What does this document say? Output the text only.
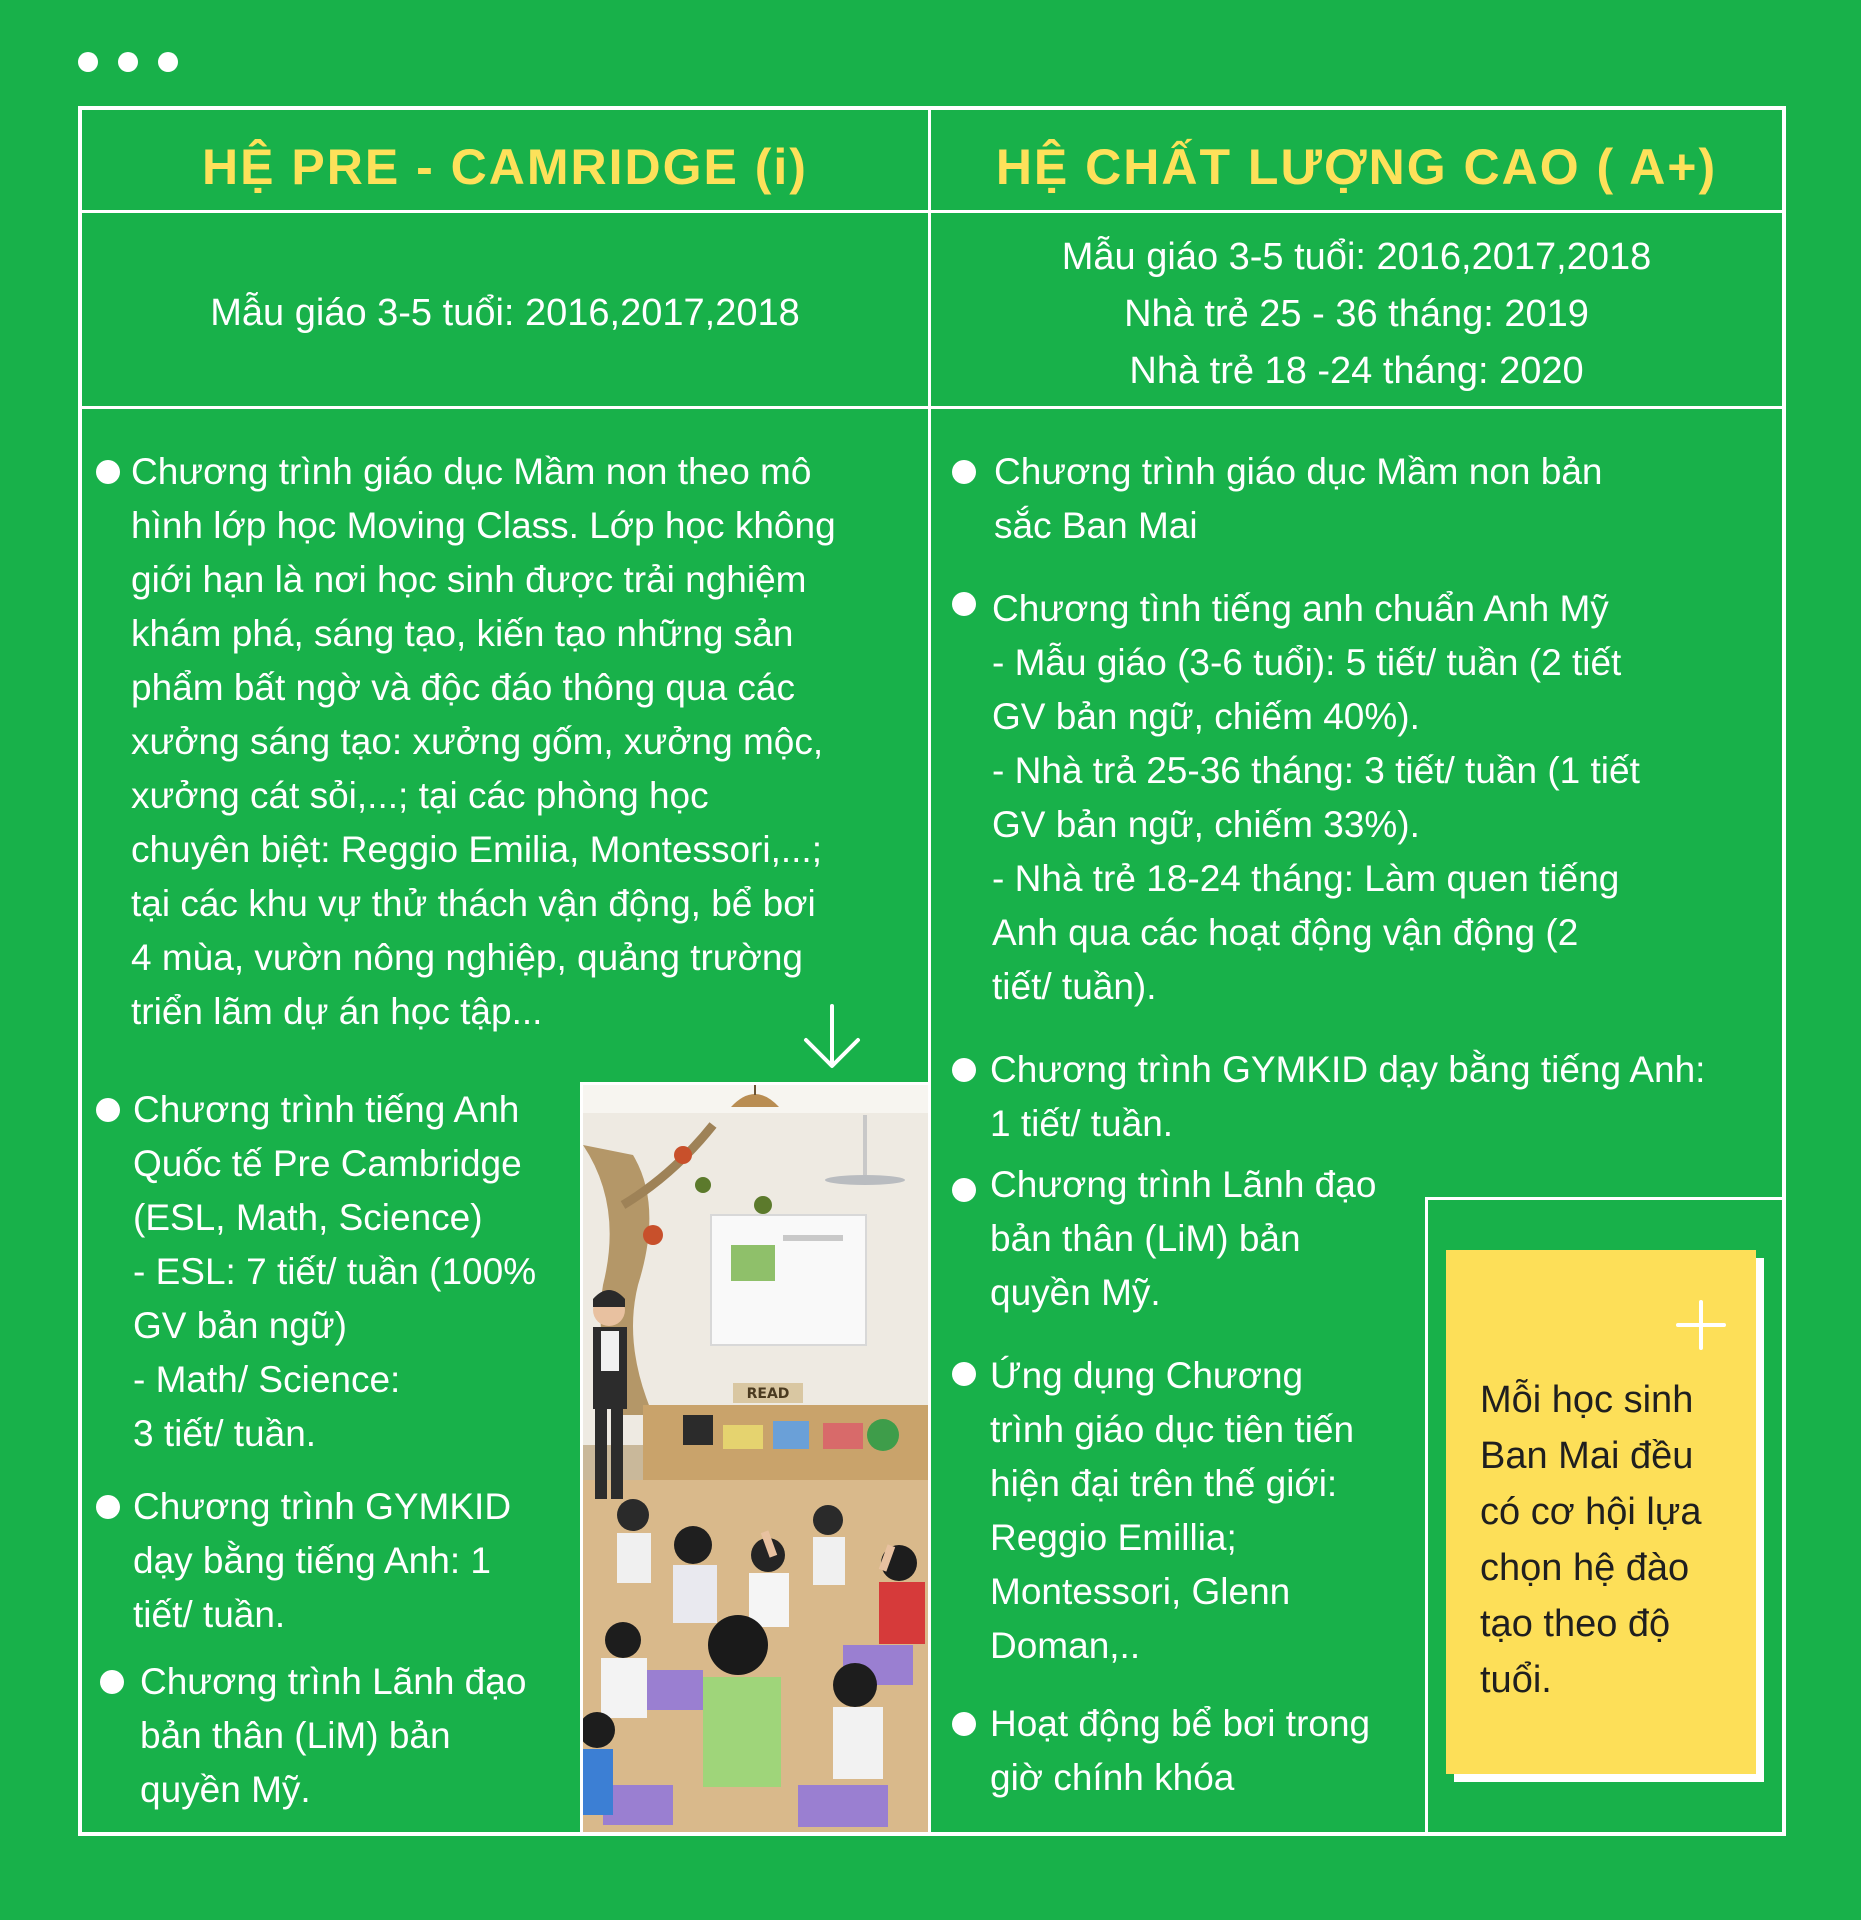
HỆ PRE - CAMRIDGE (i)	HỆ CHẤT LƯỢNG CAO ( A+)
Mẫu giáo 3-5 tuổi: 2016,2017,2018
Mẫu giáo 3-5 tuổi: 2016,2017,2018
Nhà trẻ 25 - 36 tháng: 2019
Nhà trẻ 18 -24 tháng: 2020
Chương trình giáo dục Mầm non theo mô
hình lớp học Moving Class. Lớp học không
giới hạn là nơi học sinh được trải nghiệm
khám phá, sáng tạo, kiến tạo những sản
phẩm bất ngờ và độc đáo thông qua các
xưởng sáng tạo: xưởng gốm, xưởng mộc,
xưởng cát sỏi,...; tại các phòng học
chuyên biệt: Reggio Emilia, Montessori,...;
tại các khu vự thử thách vận động, bể bơi
4 mùa, vườn nông nghiệp, quảng trường
triển lãm dự án học tập...
Chương trình tiếng Anh
Quốc tế Pre Cambridge
(ESL, Math, Science)
- ESL: 7 tiết/ tuần (100%
GV bản ngữ)
- Math/ Science:
3 tiết/ tuần.
Chương trình GYMKID
dạy bằng tiếng Anh: 1
tiết/ tuần.
Chương trình Lãnh đạo
bản thân (LiM) bản
quyền Mỹ.
READ
Chương trình giáo dục Mầm non bản
sắc Ban Mai
Chương tình tiếng anh chuẩn Anh Mỹ
- Mẫu giáo (3-6 tuổi): 5 tiết/ tuần (2 tiết
GV bản ngữ, chiếm 40%).
- Nhà trả 25-36 tháng: 3 tiết/ tuần (1 tiết
GV bản ngữ, chiếm 33%).
- Nhà trẻ 18-24 tháng: Làm quen tiếng
Anh qua các hoạt động vận động (2
tiết/ tuần).
Chương trình GYMKID dạy bằng tiếng Anh:
1 tiết/ tuần.
Chương trình Lãnh đạo
bản thân (LiM) bản
quyền Mỹ.
Ứng dụng Chương
trình giáo dục tiên tiến
hiện đại trên thế giới:
Reggio Emillia;
Montessori, Glenn
Doman,..
Hoạt động bể bơi trong
giờ chính khóa
Mỗi học sinh
Ban Mai đều
có cơ hội lựa
chọn hệ đào
tạo theo độ
tuổi.
